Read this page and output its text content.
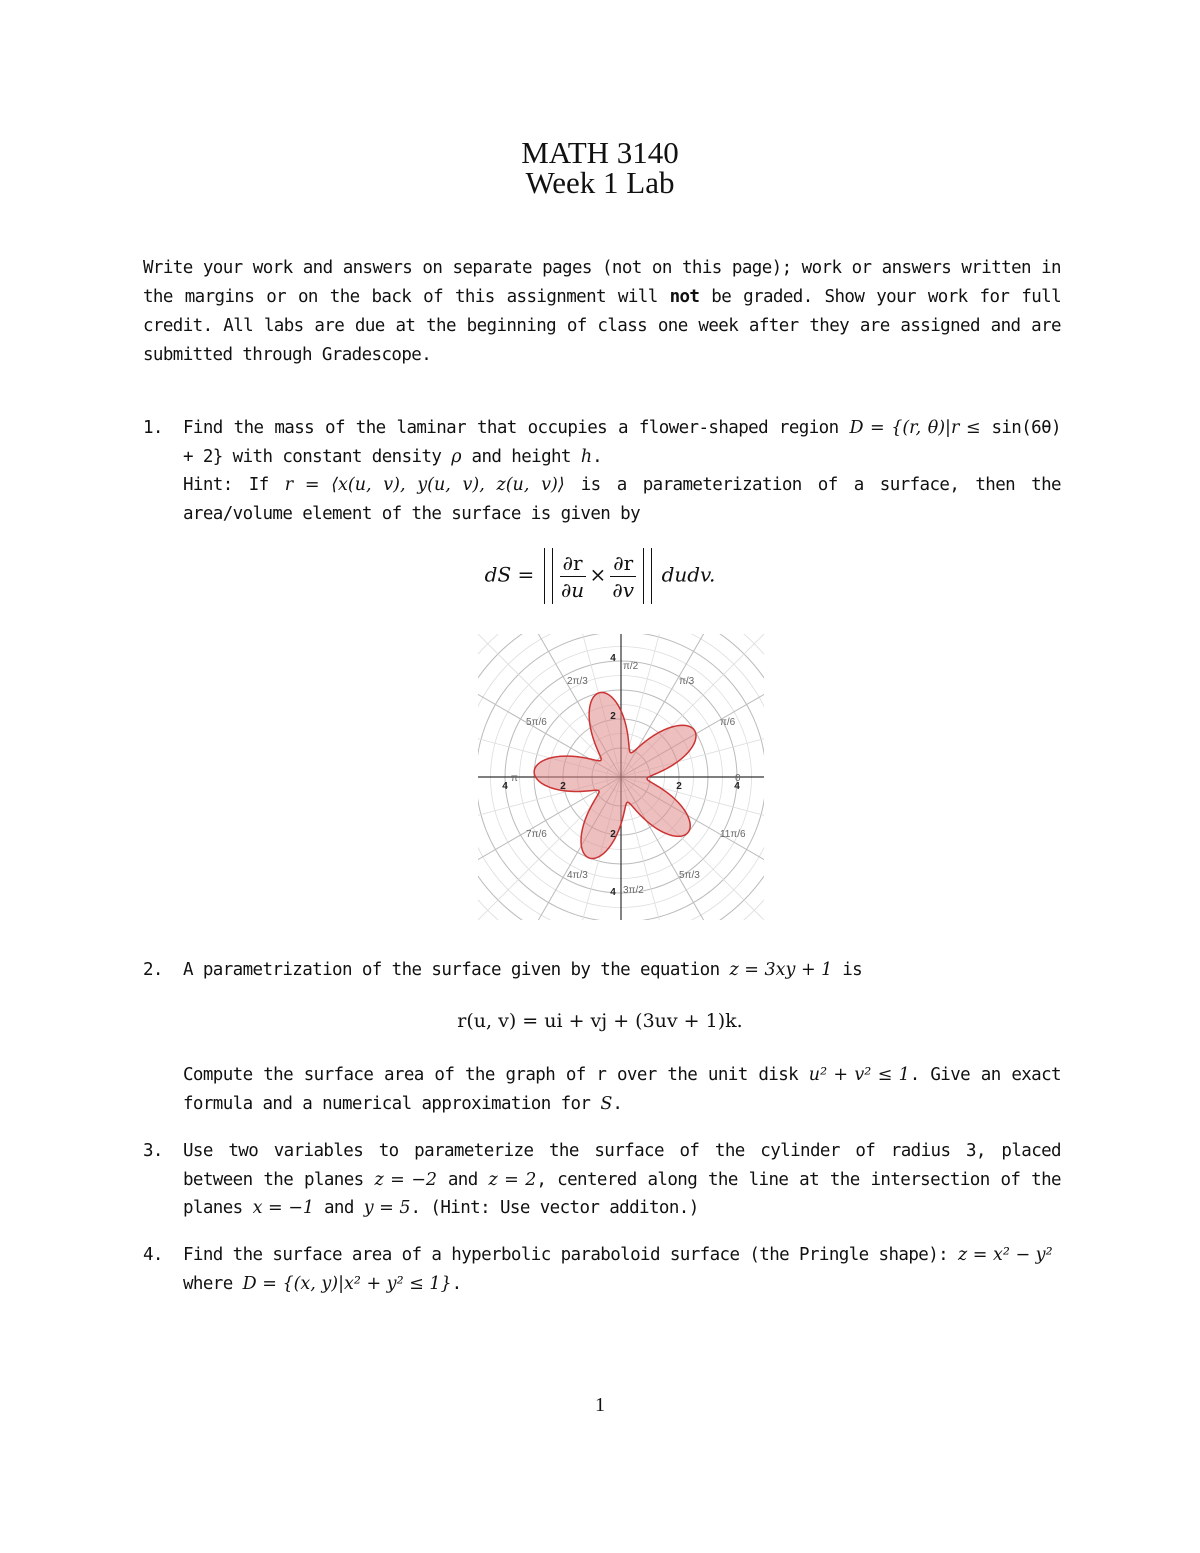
MATH 3140
Week 1 Lab
Write your work and answers on separate pages (not on this page); work or answers written in the margins or on the back of this assignment will not be graded. Show your work for full credit. All labs are due at the beginning of class one week after they are assigned and are submitted through Gradescope.
1. Find the mass of the laminar that occupies a flower-shaped region D = {(r, θ)|r ≤ sin(6θ) + 2} with constant density ρ and height h.
Hint: If r = ⟨x(u, v), y(u, v), z(u, v)⟩ is a parameterization of a surface, then the area/volume element of the surface is given by
dS = $\frac{\partial r}{\partial u} \times \frac{\partial r}{\partial v}$ dudv.
π/2
π/3
π/6
0
2π/3
5π/6
π
7π/6
4π/3
3π/2
5π/3
11π/6
4
2
2	4
2
4
2
4
2. A parametrization of the surface given by the equation z = 3xy + 1 is
r(u, v) = ui + vj + (3uv + 1)k.
Compute the surface area of the graph of r over the unit disk u² + v² ≤ 1. Give an exact formula and a numerical approximation for S.
3. Use two variables to parameterize the surface of the cylinder of radius 3, placed between the planes z = −2 and z = 2, centered along the line at the intersection of the planes x = −1 and y = 5. (Hint: Use vector additon.)
4. Find the surface area of a hyperbolic paraboloid surface (the Pringle shape): z = x² − y²
where D = {(x, y)|x² + y² ≤ 1}.
1
